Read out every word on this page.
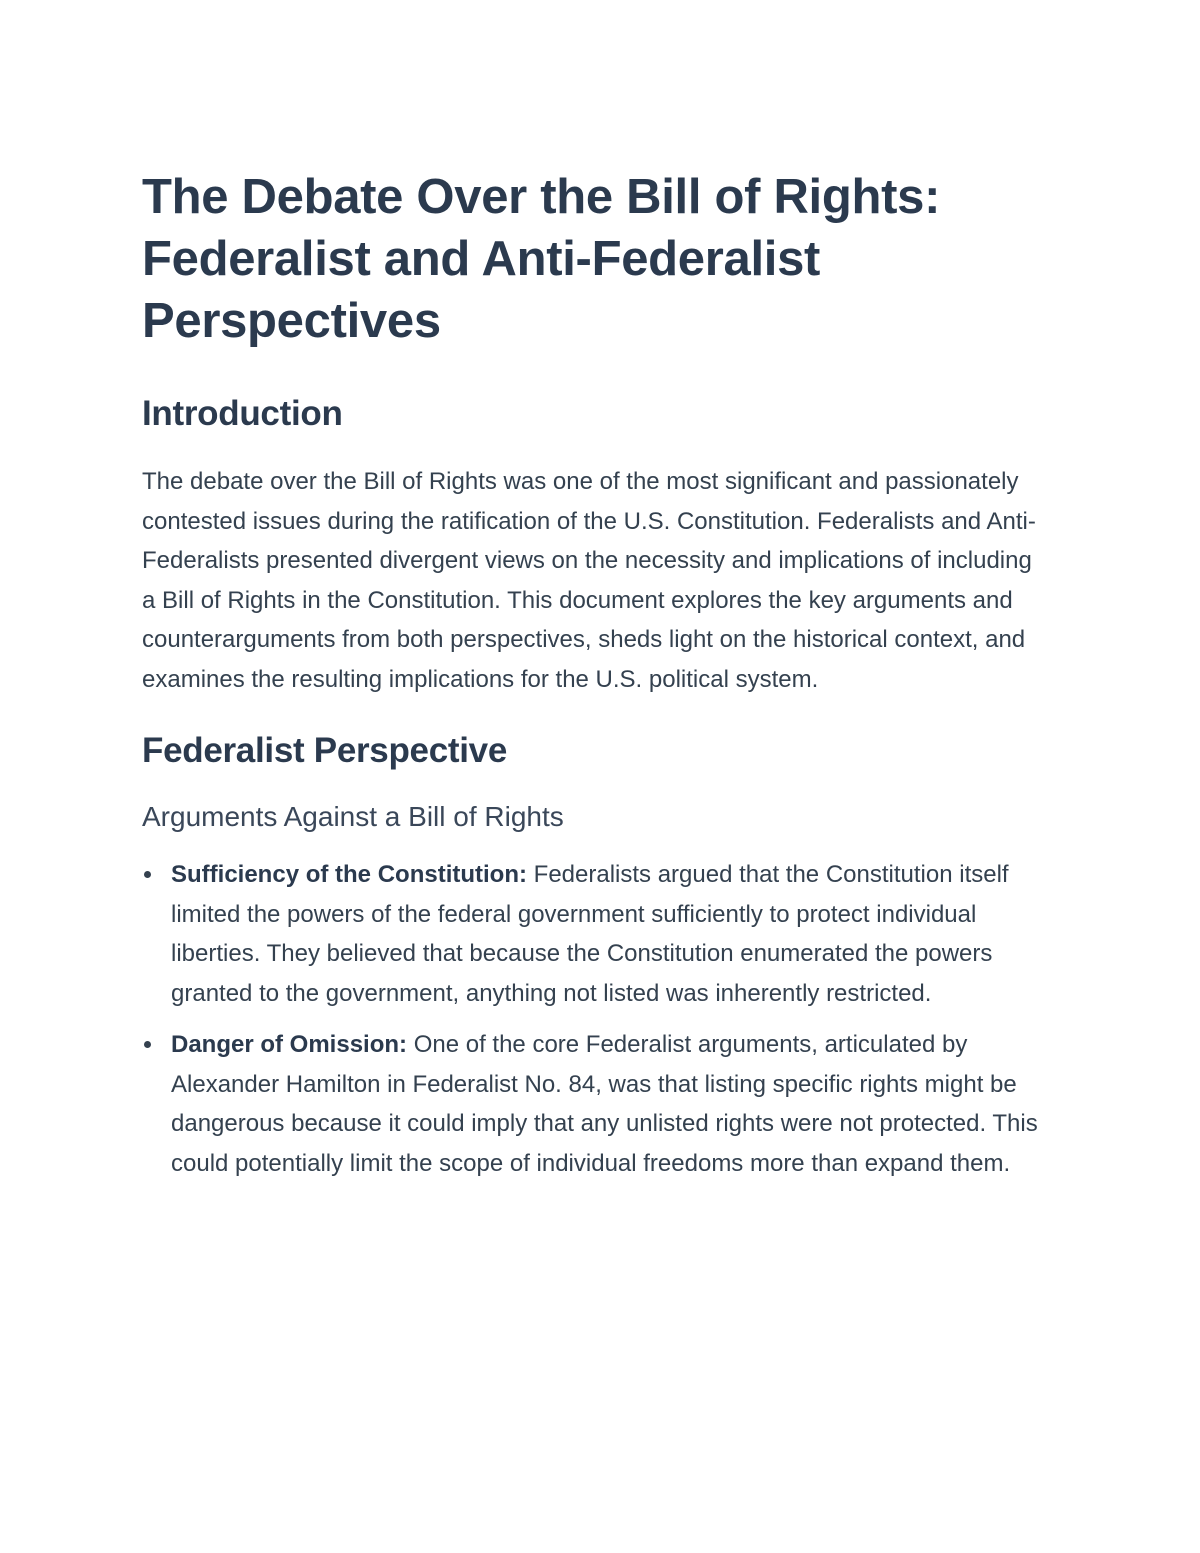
The Debate Over the Bill of Rights: Federalist and Anti-Federalist Perspectives
Introduction

The debate over the Bill of Rights was one of the most significant and passionately contested issues during the ratification of the U.S. Constitution. Federalists and Anti-Federalists presented divergent views on the necessity and implications of including a Bill of Rights in the Constitution. This document explores the key arguments and counterarguments from both perspectives, sheds light on the historical context, and examines the resulting implications for the U.S. political system.

Federalist Perspective
Arguments Against a Bill of Rights
Sufficiency of the Constitution: Federalists argued that the Constitution itself limited the powers of the federal government sufficiently to protect individual liberties. They believed that because the Constitution enumerated the powers granted to the government, anything not listed was inherently restricted.
Danger of Omission: One of the core Federalist arguments, articulated by Alexander Hamilton in Federalist No. 84, was that listing specific rights might be dangerous because it could imply that any unlisted rights were not protected. This could potentially limit the scope of individual freedoms more than expand them.
